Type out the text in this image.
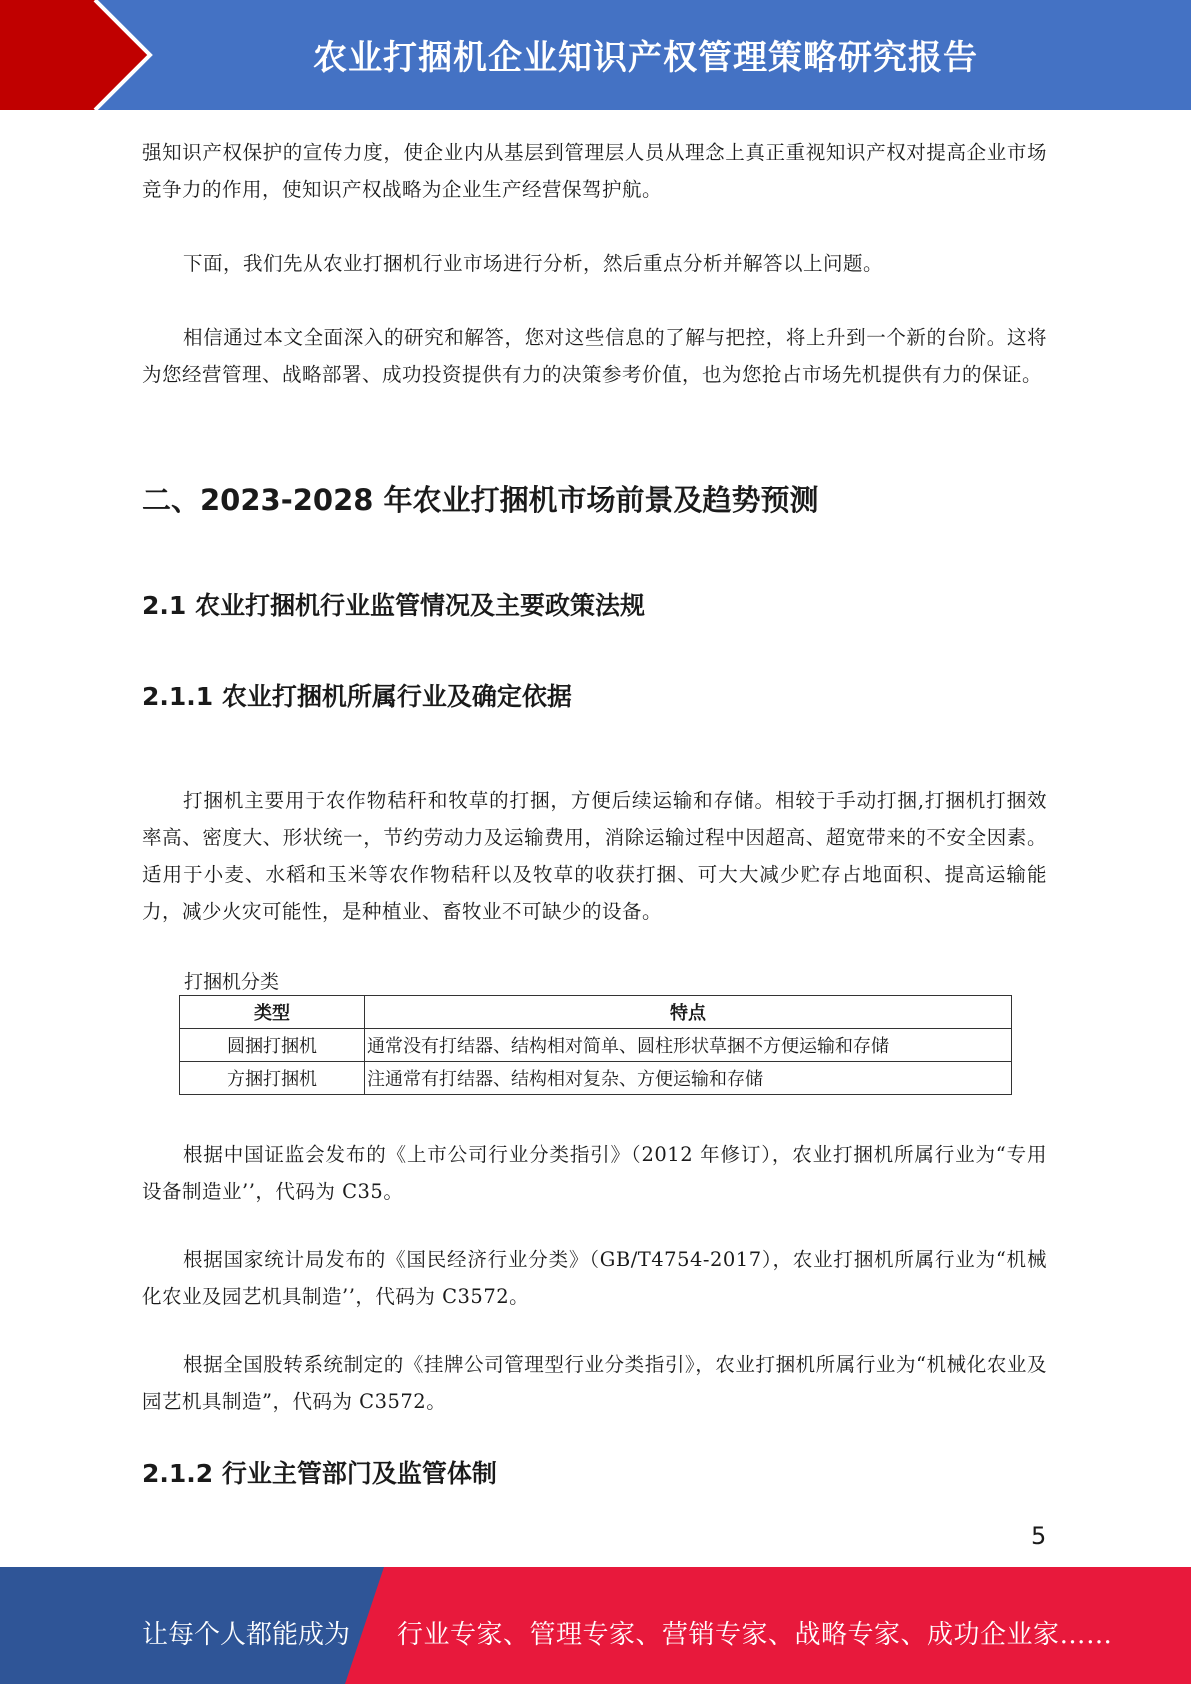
农业打捆机企业知识产权管理策略研究报告

强知识产权保护的宣传力度，使企业内从基层到管理层人员从理念上真正重视知识产权对提高企业市场竞争力的作用，使知识产权战略为企业生产经营保驾护航。

下面，我们先从农业打捆机行业市场进行分析，然后重点分析并解答以上问题。

相信通过本文全面深入的研究和解答，您对这些信息的了解与把控，将上升到一个新的台阶。这将为您经营管理、战略部署、成功投资提供有力的决策参考价值，也为您抢占市场先机提供有力的保证。

二、2023-2028 年农业打捆机市场前景及趋势预测
2.1 农业打捆机行业监管情况及主要政策法规
2.1.1 农业打捆机所属行业及确定依据

打捆机主要用于农作物秸秆和牧草的打捆，方便后续运输和存储。相较于手动打捆,打捆机打捆效率高、密度大、形状统一，节约劳动力及运输费用，消除运输过程中因超高、超宽带来的不安全因素。适用于小麦、水稻和玉米等农作物秸秆以及牧草的收获打捆、可大大减少贮存占地面积、提高运输能力，减少火灾可能性，是种植业、畜牧业不可缺少的设备。

打捆机分类
类型	特点
圆捆打捆机	通常没有打结器、结构相对简单、圆柱形状草捆不方便运输和存储
方捆打捆机	注通常有打结器、结构相对复杂、方便运输和存储

根据中国证监会发布的《上市公司行业分类指引》（2012 年修订），农业打捆机所属行业为“专用设备制造业’’，代码为 C35。

根据国家统计局发布的《国民经济行业分类》（GB/T4754-2017），农业打捆机所属行业为“机械化农业及园艺机具制造’’，代码为 C3572。

根据全国股转系统制定的《挂牌公司管理型行业分类指引》，农业打捆机所属行业为“机械化农业及园艺机具制造”，代码为 C3572。

2.1.2 行业主管部门及监管体制
5
让每个人都能成为 行业专家、管理专家、营销专家、战略专家、成功企业家……
